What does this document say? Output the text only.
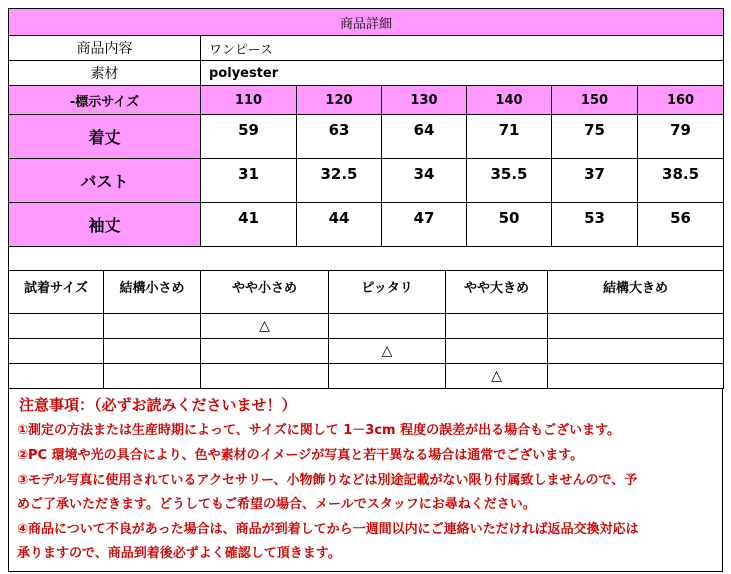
商品詳細						
商品内容	ワンピース					
素材	polyester					
-標示サイズ	110	120	130	140	150	160
着丈	59	63	64	71	75	79
バスト	31	32.5	34	35.5	37	38.5
袖丈	41	44	47	50	53	56

試着サイズ	結構小さめ	やや小さめ	ピッタリ	やや大きめ	結構大きめ
		△			
			△		
				△	
注意事項：（必ずお読みくださいませ！）
①測定の方法または生産時期によって、サイズに関して 1－3cm 程度の誤差が出る場合もございます。
②PC 環境や光の具合により、色や素材のイメージが写真と若干異なる場合は通常でございます。
③モデル写真に使用されているアクセサリー、小物飾りなどは別途記載がない限り付属致しませんので、予
めご了承いただきます。どうしてもご希望の場合、メールでスタッフにお尋ねください。
④商品について不良があった場合は、商品が到着してから一週間以内にご連絡いただければ返品交換対応は
承りますので、商品到着後必ずよく確認して頂きます。
